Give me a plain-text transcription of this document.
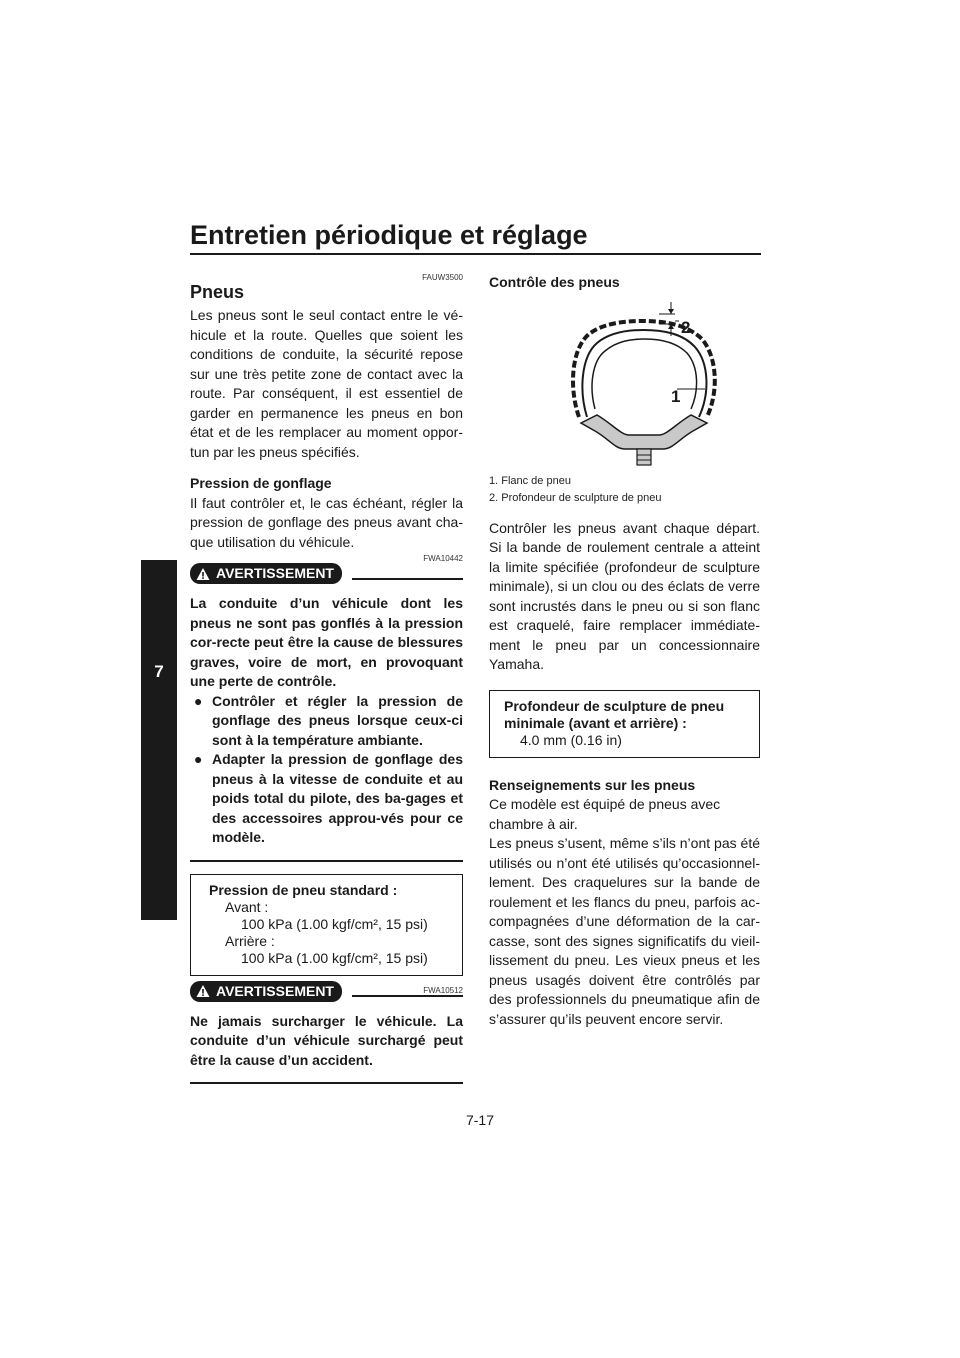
Entretien périodique et réglage
7
FAUW3500
Pneus

Les pneus sont le seul contact entre le vé-hicule et la route. Quelles que soient les conditions de conduite, la sécurité repose sur une très petite zone de contact avec la route. Par conséquent, il est essentiel de garder en permanence les pneus en bon état et de les remplacer au moment oppor-tun par les pneus spécifiés.

Pression de gonflage

Il faut contrôler et, le cas échéant, régler la pression de gonflage des pneus avant cha-que utilisation du véhicule.

FWA10442
AVERTISSEMENT
La conduite d’un véhicule dont les pneus ne sont pas gonflés à la pression cor-recte peut être la cause de blessures graves, voire de mort, en provoquant une perte de contrôle.
● Contrôler et régler la pression de gonflage des pneus lorsque ceux-ci sont à la température ambiante.
● Adapter la pression de gonflage des pneus à la vitesse de conduite et au poids total du pilote, des ba-gages et des accessoires approu-vés pour ce modèle.
Pression de pneu standard :
Avant :
100 kPa (1.00 kgf/cm², 15 psi)
Arrière :
100 kPa (1.00 kgf/cm², 15 psi)
FWA10512
AVERTISSEMENT
Ne jamais surcharger le véhicule. La conduite d’un véhicule surchargé peut être la cause d’un accident.
Contrôle des pneus
2
1
1. Flanc de pneu
2. Profondeur de sculpture de pneu

Contrôler les pneus avant chaque départ. Si la bande de roulement centrale a atteint la limite spécifiée (profondeur de sculpture minimale), si un clou ou des éclats de verre sont incrustés dans le pneu ou si son flanc est craquelé, faire remplacer immédiate-ment le pneu par un concessionnaire Yamaha.

Profondeur de sculpture de pneu
minimale (avant et arrière) :
4.0 mm (0.16 in)
Renseignements sur les pneus

Ce modèle est équipé de pneus avec chambre à air.

Les pneus s’usent, même s’ils n’ont pas été utilisés ou n’ont été utilisés qu’occasionnel-lement. Des craquelures sur la bande de roulement et les flancs du pneu, parfois ac-compagnées d’une déformation de la car-casse, sont des signes significatifs du vieil-lissement du pneu. Les vieux pneus et les pneus usagés doivent être contrôlés par des professionnels du pneumatique afin de s’assurer qu’ils peuvent encore servir.

7-17
